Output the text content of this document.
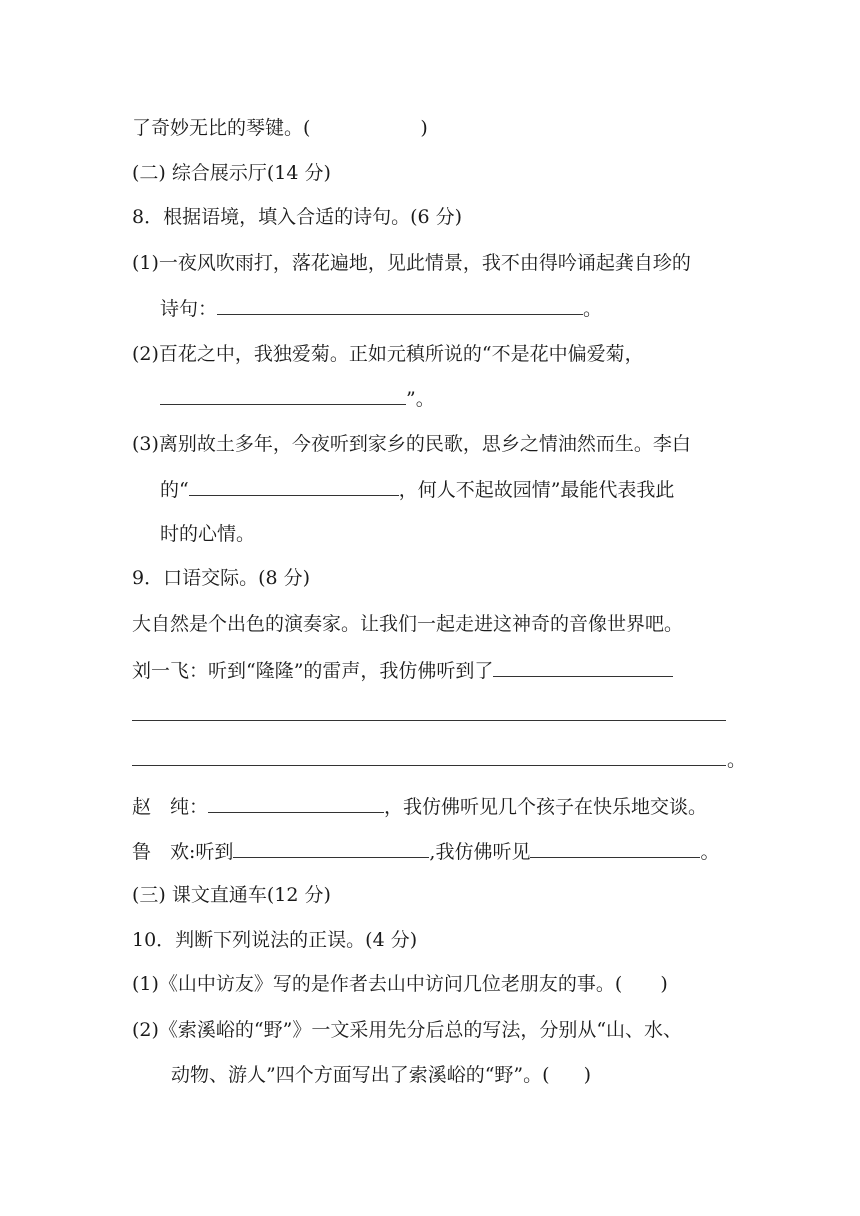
了奇妙无比的琴键。(	)
(二) 综合展示厅(14 分)
8．根据语境，填入合适的诗句。(6 分)
(1)一夜风吹雨打，落花遍地，见此情景，我不由得吟诵起龚自珍的
诗句：	。
(2)百花之中，我独爱菊。正如元稹所说的“不是花中偏爱菊，
”。
(3)离别故土多年，今夜听到家乡的民歌，思乡之情油然而生。李白
的“	，何人不起故园情”最能代表我此
时的心情。
9．口语交际。(8 分)
大自然是个出色的演奏家。让我们一起走进这神奇的音像世界吧。
刘一飞：听到“隆隆”的雷声，我仿佛听到了
。
赵　纯：	，我仿佛听见几个孩子在快乐地交谈。
鲁　欢:听到	,我仿佛听见	。
(三) 课文直通车(12 分)
10．判断下列说法的正误。(4 分)
(1)《山中访友》写的是作者去山中访问几位老朋友的事。( )
(2)《索溪峪的“野”》一文采用先分后总的写法，分别从“山、水、
动物、游人”四个方面写出了索溪峪的“野”。( )
